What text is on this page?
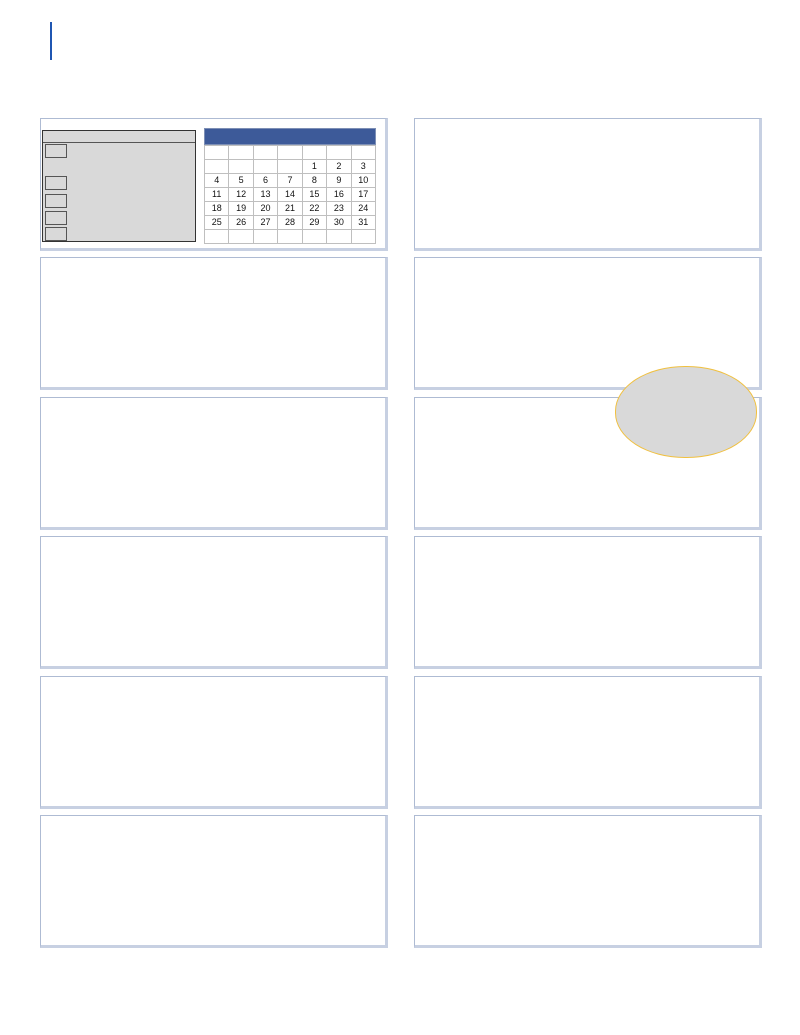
				1	2	3
4	5	6	7	8	9	10
11	12	13	14	15	16	17
18	19	20	21	22	23	24
25	26	27	28	29	30	31
